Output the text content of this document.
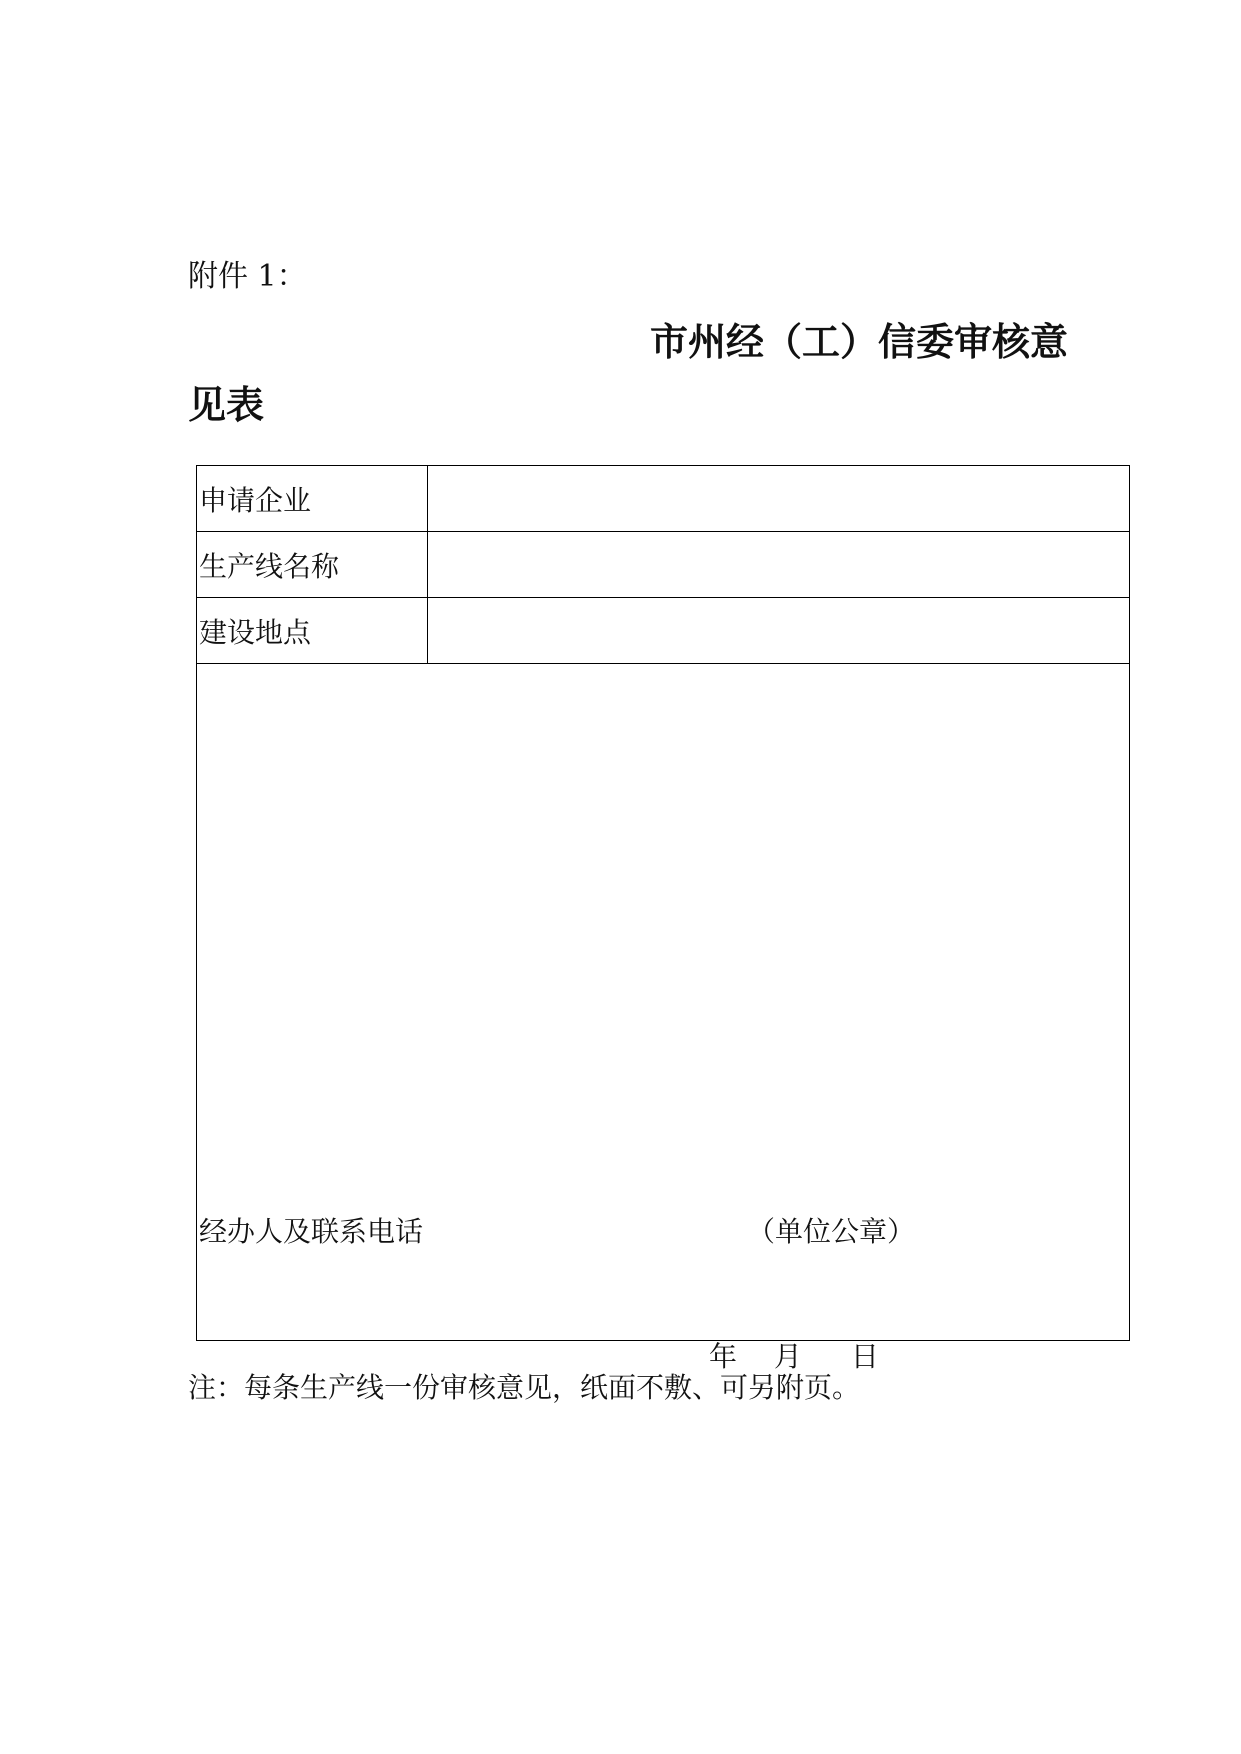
附件 1：
市州经（工）信委审核意
见表
申请企业
生产线名称
建设地点
经办人及联系电话	（单位公章）
年 月 日
注：每条生产线一份审核意见，纸面不敷、可另附页。
